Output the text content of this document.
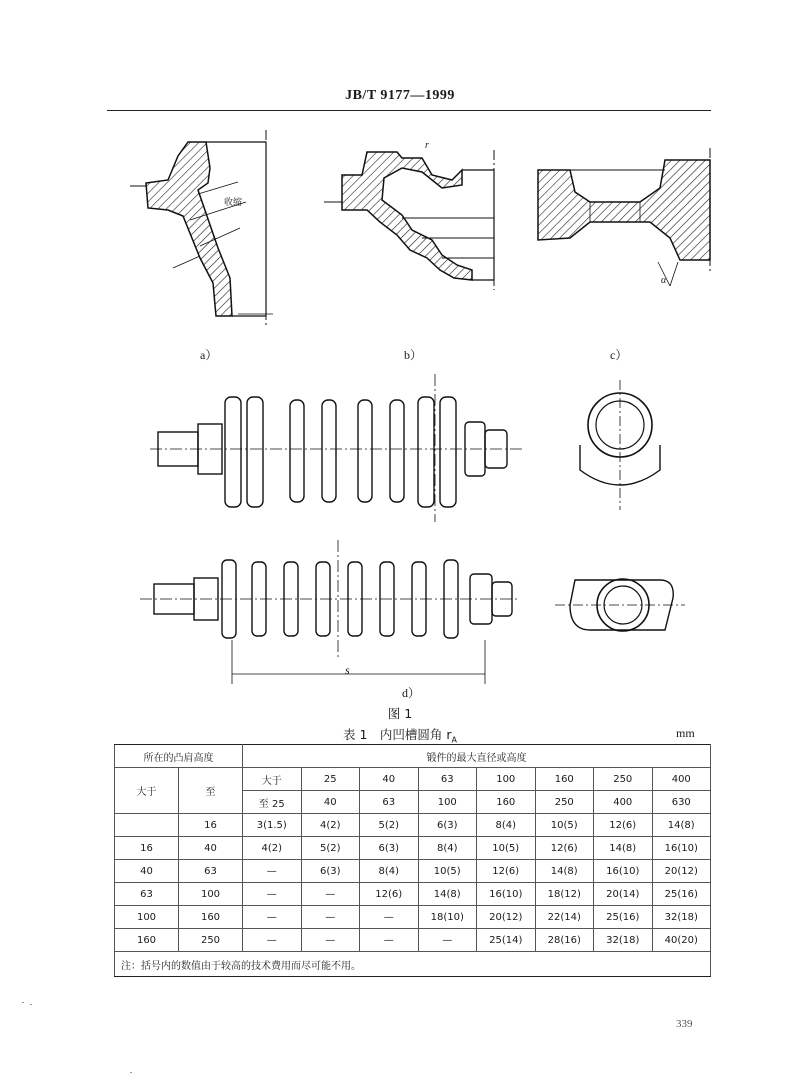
JB/T 9177—1999
收缩
r
α
a）	b）	c）
s
d）
图 1
表 1　内凹槽圆角 $r_A$	mm
所在的凸肩高度		锻件的最大直径或高度							
大于	至	大于	25	40	63	100	160	250	400
		至 25	40	63	100	160	250	400	630
	16	3(1.5)	4(2)	5(2)	6(3)	8(4)	10(5)	12(6)	14(8)
16	40	4(2)	5(2)	6(3)	8(4)	10(5)	12(6)	14(8)	16(10)
40	63	—	6(3)	8(4)	10(5)	12(6)	14(8)	16(10)	20(12)
63	100	—	—	12(6)	14(8)	16(10)	18(12)	20(14)	25(16)
100	160	—	—	—	18(10)	20(12)	22(14)	25(16)	32(18)
160	250	—	—	—	—	25(14)	28(16)	32(18)	40(20)
注：括号内的数值由于较高的技术费用而尽可能不用。									
339
